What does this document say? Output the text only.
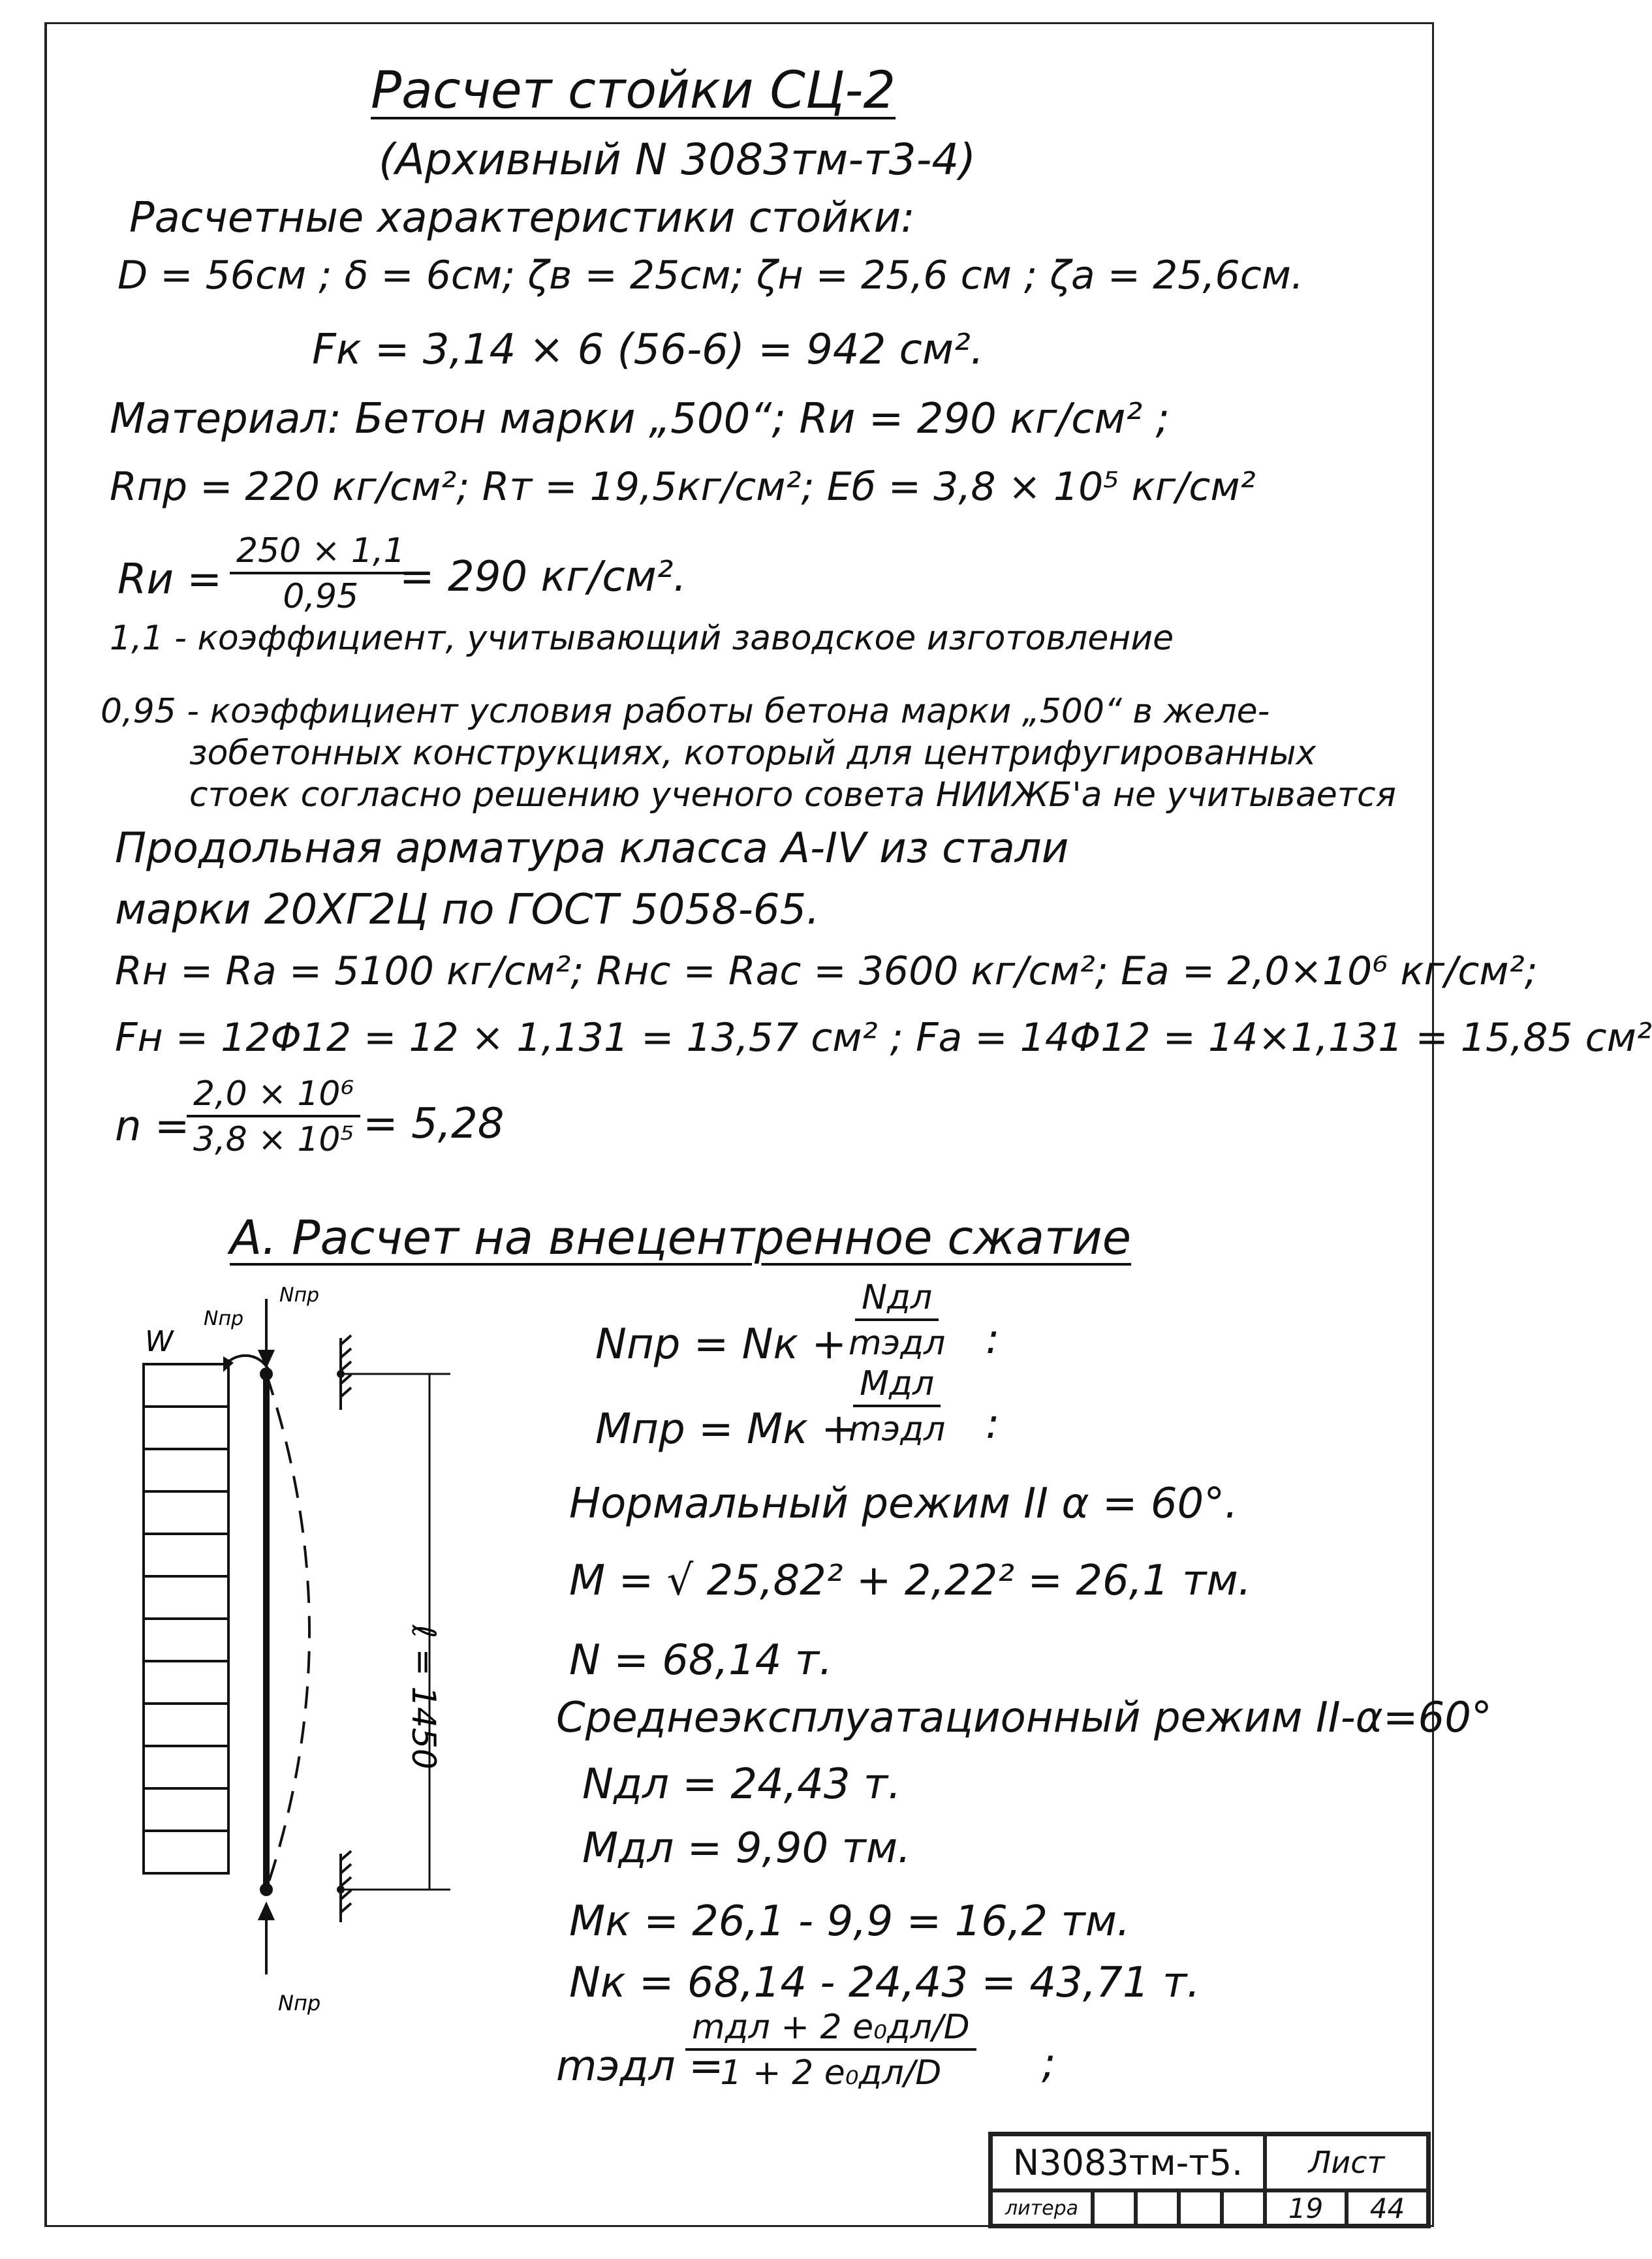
Расчет стойки СЦ-2
(Архивный N 3083тм-т3-4)
Расчетные характеристики стойки:
D = 56см ; δ = 6см; ζв = 25см; ζн = 25,6 см ; ζа = 25,6см.
Fк = 3,14 × 6 (56-6) = 942 см².
Материал: Бетон марки „500“; Rи = 290 кг/см² ;
Rпр = 220 кг/см²; Rт = 19,5кг/см²; Eб = 3,8 × 10⁵ кг/см²
Rи = $\frac{250 \times 1,1}{0,95}$
= 290 кг/см².
1,1 - коэффициент, учитывающий заводское изготовление
0,95 - коэффициент условия работы бетона марки „500“ в желе-
зобетонных конструкциях, который для центрифугированных
стоек согласно решению ученого совета НИИЖБ'а не учитывается
Продольная арматура класса А-IV из стали
марки 20ХГ2Ц по ГОСТ 5058-65.
Rн = Rа = 5100 кг/см²; Rнс = Rас = 3600 кг/см²; Eа = 2,0×10⁶ кг/см²;
Fн = 12Φ12 = 12 × 1,131 = 13,57 см² ; Fа = 14Φ12 = 14×1,131 = 15,85 см²
n =
$\frac{\text{2,0 × 10⁶}}{\text{3,8 × 10⁵}} = 5,28$
А. Расчет на внецентренное сжатие
W
Nпр
Nпр
Nпр
ℓ = 1450
Nпр = Nк +
Nдл
mэдл :
Mпр = Mк +
Mдл
mэдл :
Нормальный режим II α = 60°.
M = √ 25,82² + 2,22² = 26,1 тм.
N = 68,14 т.
Среднеэксплуатационный режим II-α=60°
Nдл = 24,43 т.
Mдл = 9,90 тм.
Mк = 26,1 - 9,9 = 16,2 тм.
Nк = 68,14 - 24,43 = 43,71 т.
mэдл =
mдл + 2 e₀дл/D
1 + 2 e₀дл/D ;
N3083тм-т5.	Лист
литера	19	44
